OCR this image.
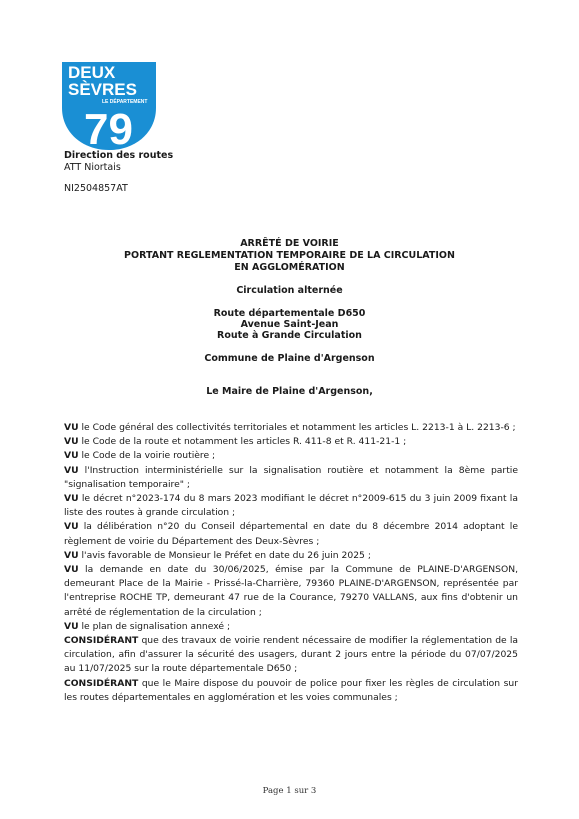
DEUX
SÈVRES
LE DÉPARTEMENT
79
Direction des routes
ATT Niortais
NI2504857AT
ARRÊTÉ DE VOIRIE
PORTANT REGLEMENTATION TEMPORAIRE DE LA CIRCULATION
EN AGGLOMÉRATION
Circulation alternée
Route départementale D650
Avenue Saint-Jean
Route à Grande Circulation
Commune de Plaine d'Argenson
Le Maire de Plaine d'Argenson,

VU le Code général des collectivités territoriales et notamment les articles L. 2213-1 à L. 2213-6 ;

VU le Code de la route et notamment les articles R. 411-8 et R. 411-21-1 ;

VU le Code de la voirie routière ;

VU l'Instruction interministérielle sur la signalisation routière et notamment la 8ème partie "signalisation temporaire" ;

VU le décret n°2023-174 du 8 mars 2023 modifiant le décret n°2009-615 du 3 juin 2009 fixant la liste des routes à grande circulation ;

VU la délibération n°20 du Conseil départemental en date du 8 décembre 2014 adoptant le règlement de voirie du Département des Deux-Sèvres ;

VU l'avis favorable de Monsieur le Préfet en date du 26 juin 2025 ;

VU la demande en date du 30/06/2025, émise par la Commune de PLAINE-D'ARGENSON, demeurant Place de la Mairie - Prissé-la-Charrière, 79360 PLAINE-D'ARGENSON, représentée par l'entreprise ROCHE TP, demeurant 47 rue de la Courance, 79270 VALLANS, aux fins d'obtenir un arrêté de réglementation de la circulation ;

VU le plan de signalisation annexé ;

CONSIDÉRANT que des travaux de voirie rendent nécessaire de modifier la réglementation de la circulation, afin d'assurer la sécurité des usagers, durant 2 jours entre la période du 07/07/2025 au 11/07/2025 sur la route départementale D650 ;

CONSIDÉRANT que le Maire dispose du pouvoir de police pour fixer les règles de circulation sur les routes départementales en agglomération et les voies communales ;

Page 1 sur 3
